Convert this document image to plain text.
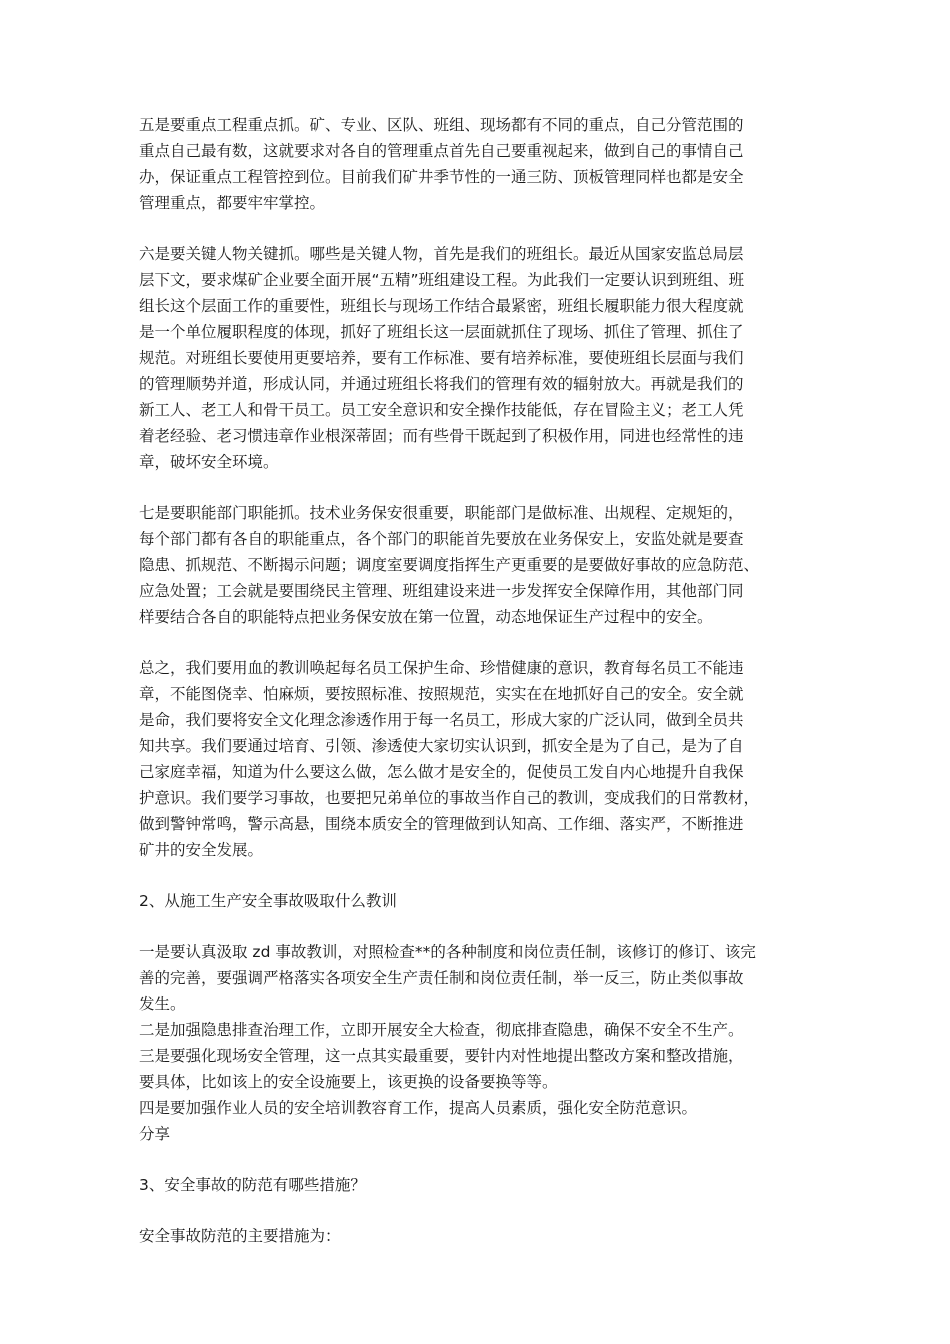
五是要重点工程重点抓。矿、专业、区队、班组、现场都有不同的重点，自己分管范围的
重点自己最有数，这就要求对各自的管理重点首先自己要重视起来，做到自己的事情自己
办，保证重点工程管控到位。目前我们矿井季节性的一通三防、顶板管理同样也都是安全
管理重点，都要牢牢掌控。
六是要关键人物关键抓。哪些是关键人物，首先是我们的班组长。最近从国家安监总局层
层下文，要求煤矿企业要全面开展“五精”班组建设工程。为此我们一定要认识到班组、班
组长这个层面工作的重要性，班组长与现场工作结合最紧密，班组长履职能力很大程度就
是一个单位履职程度的体现，抓好了班组长这一层面就抓住了现场、抓住了管理、抓住了
规范。对班组长要使用更要培养，要有工作标准、要有培养标准，要使班组长层面与我们
的管理顺势并道，形成认同，并通过班组长将我们的管理有效的辐射放大。再就是我们的
新工人、老工人和骨干员工。员工安全意识和安全操作技能低，存在冒险主义；老工人凭
着老经验、老习惯违章作业根深蒂固；而有些骨干既起到了积极作用，同进也经常性的违
章，破坏安全环境。
七是要职能部门职能抓。技术业务保安很重要，职能部门是做标准、出规程、定规矩的，
每个部门都有各自的职能重点，各个部门的职能首先要放在业务保安上，安监处就是要查
隐患、抓规范、不断揭示问题；调度室要调度指挥生产更重要的是要做好事故的应急防范、
应急处置；工会就是要围绕民主管理、班组建设来进一步发挥安全保障作用，其他部门同
样要结合各自的职能特点把业务保安放在第一位置，动态地保证生产过程中的安全。
总之，我们要用血的教训唤起每名员工保护生命、珍惜健康的意识，教育每名员工不能违
章，不能图侥幸、怕麻烦，要按照标准、按照规范，实实在在地抓好自己的安全。安全就
是命，我们要将安全文化理念渗透作用于每一名员工，形成大家的广泛认同，做到全员共
知共享。我们要通过培育、引领、渗透使大家切实认识到，抓安全是为了自己，是为了自
己家庭幸福，知道为什么要这么做，怎么做才是安全的，促使员工发自内心地提升自我保
护意识。我们要学习事故，也要把兄弟单位的事故当作自己的教训，变成我们的日常教材，
做到警钟常鸣，警示高悬，围绕本质安全的管理做到认知高、工作细、落实严，不断推进
矿井的安全发展。
2、从施工生产安全事故吸取什么教训
一是要认真汲取 zd 事故教训，对照检查**的各种制度和岗位责任制，该修订的修订、该完
善的完善，要强调严格落实各项安全生产责任制和岗位责任制，举一反三，防止类似事故
发生。
二是加强隐患排查治理工作，立即开展安全大检查，彻底排查隐患，确保不安全不生产。
三是要强化现场安全管理，这一点其实最重要，要针内对性地提出整改方案和整改措施，
要具体，比如该上的安全设施要上，该更换的设备要换等等。
四是要加强作业人员的安全培训教容育工作，提高人员素质，强化安全防范意识。
分享
3、安全事故的防范有哪些措施？
安全事故防范的主要措施为：
